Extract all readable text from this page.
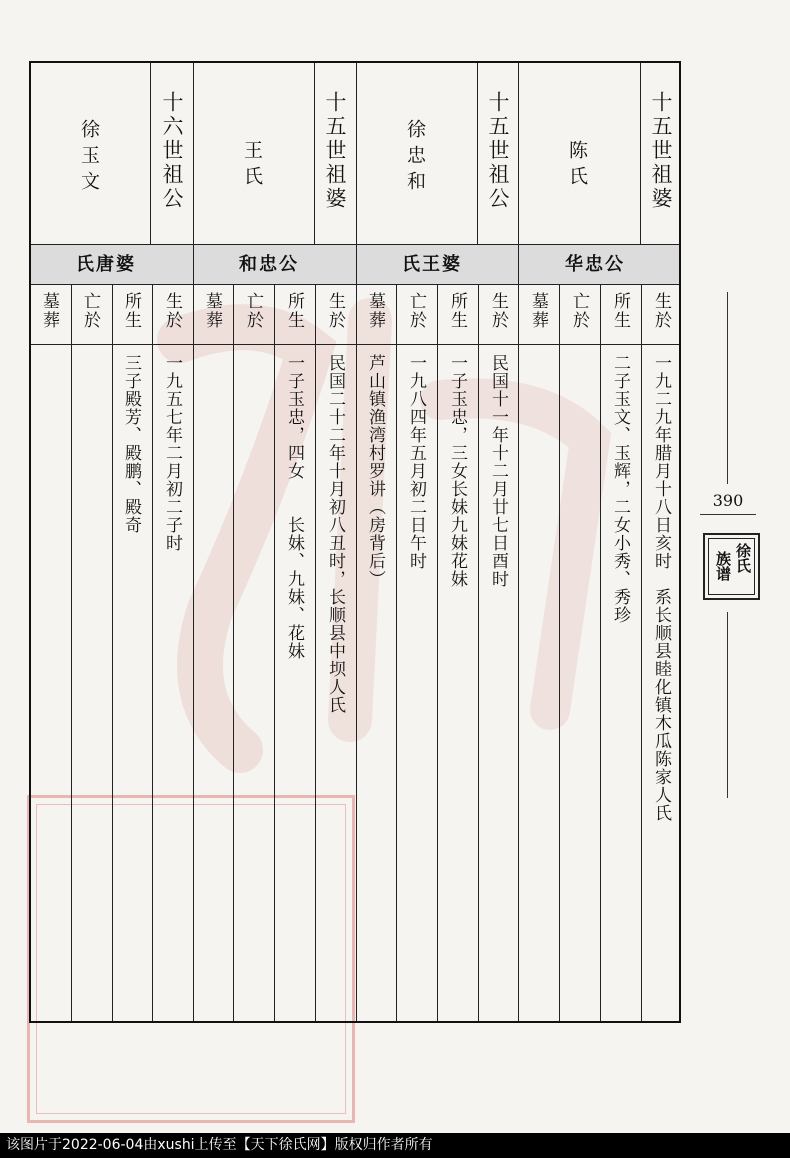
十五世祖婆
陈氏
华忠公
生於
所生
亡於
墓葬
一九二九年腊月十八日亥时　系长顺县睦化镇木瓜陈家人氏
二子玉文、玉辉，二女小秀、秀珍
十五世祖公
徐忠和
氏王婆
生於
所生
亡於
墓葬
民国十一年十二月廿七日酉时
一子玉忠，三女长妹九妹花妹
一九八四年五月初二日午时
芦山镇渔湾村罗讲（房背后）
十五世祖婆
王氏
和忠公
生於
所生
亡於
墓葬
民国二十二年十月初八丑时，长顺县中坝人氏
一子玉忠，四女　　长妹、九妹、花妹
十六世祖公
徐玉文
氏唐婆
生於
所生
亡於
墓葬
一九五七年二月初二子时
三子殿芳、殿鹏、殿奇	390
徐氏
族谱
该图片于2022-06-04由xushi上传至【天下徐氏网】版权归作者所有
